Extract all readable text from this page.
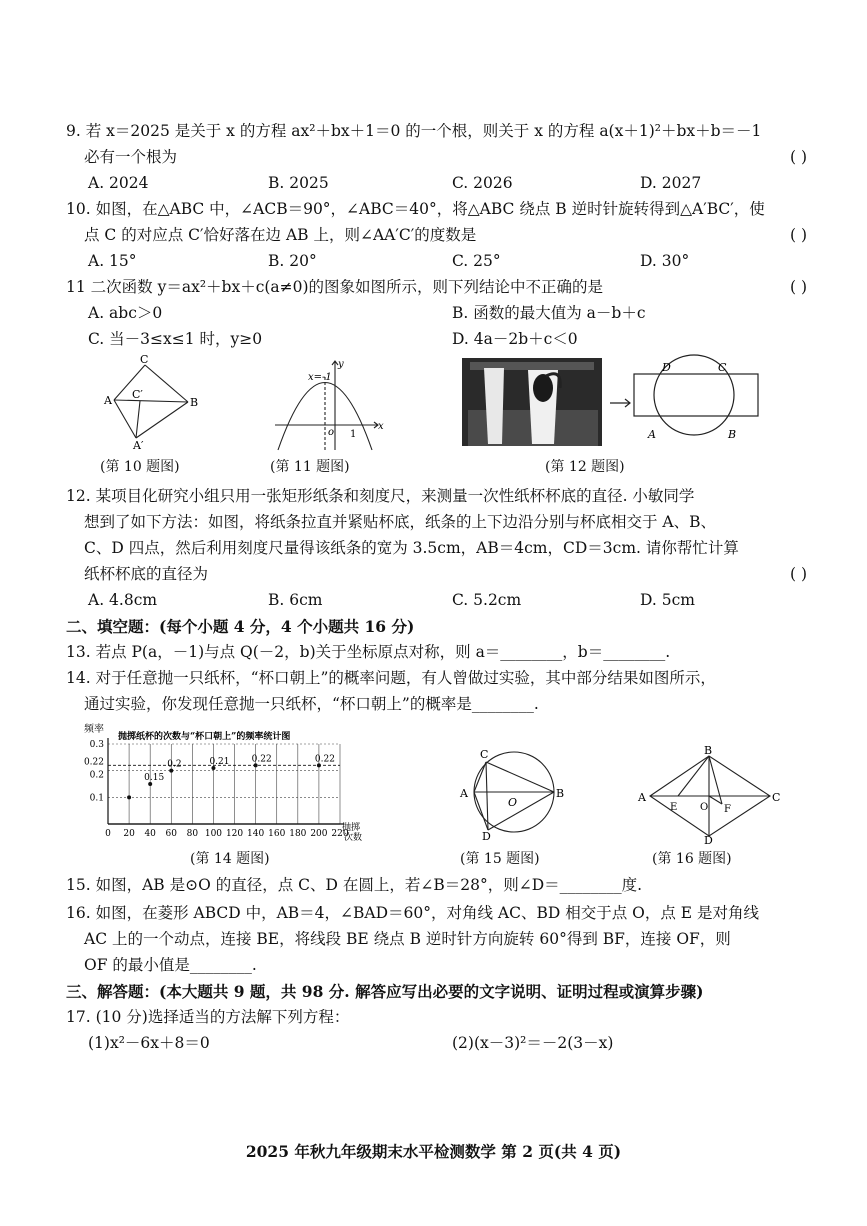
9. 若 x＝2025 是关于 x 的方程 ax²＋bx＋1＝0 的一个根，则关于 x 的方程 a(x＋1)²＋bx＋b＝－1
必有一个根为	( )
A. 2024	B. 2025	C. 2026	D. 2027
10. 如图，在△ABC 中，∠ACB＝90°，∠ABC＝40°，将△ABC 绕点 B 逆时针旋转得到△A′BC′，使
点 C 的对应点 C′恰好落在边 AB 上，则∠AA′C′的度数是	( )
A. 15°	B. 20°	C. 25°	D. 30°
11 二次函数 y＝ax²＋bx＋c(a≠0)的图象如图所示，则下列结论中不正确的是	( )
A. abc＞0	B. 函数的最大值为 a－b＋c
C. 当－3≤x≤1 时，y≥0	D. 4a－2b＋c＜0
C
A C′
B
A′
(第 10 题图)
y
x=-1
x
o 1
(第 11 题图)
D	C
A	B
(第 12 题图)
12. 某项目化研究小组只用一张矩形纸条和刻度尺，来测量一次性纸杯杯底的直径. 小敏同学
想到了如下方法：如图，将纸条拉直并紧贴杯底，纸条的上下边沿分别与杯底相交于 A、B、
C、D 四点，然后利用刻度尺量得该纸条的宽为 3.5cm，AB＝4cm，CD＝3cm. 请你帮忙计算
纸杯杯底的直径为	( )
A. 4.8cm	B. 6cm	C. 5.2cm	D. 5cm
二、填空题：(每个小题 4 分，4 个小题共 16 分)
13. 若点 P(a，－1)与点 Q(－2，b)关于坐标原点对称，则 a＝________，b＝________.
14. 对于任意抛一只纸杯，“杯口朝上”的概率问题，有人曾做过实验，其中部分结果如图所示，
通过实验，你发现任意抛一只纸杯，“杯口朝上”的概率是________.
频率
抛掷纸杯的次数与“杯口朝上”的频率统计图
抛掷
次数
0 20 40 60 80 100 120 140 160 180 200 220
0.3
0.22
0.2
0.1
0.15
0.2	0.21 0.22	0.22
(第 14 题图)
C
A
O
B
D
(第 15 题图)
B
A
E O F
C
D
(第 16 题图)
15. 如图，AB 是⊙O 的直径，点 C、D 在圆上，若∠B＝28°，则∠D＝________度.
16. 如图，在菱形 ABCD 中，AB＝4，∠BAD＝60°，对角线 AC、BD 相交于点 O，点 E 是对角线
AC 上的一个动点，连接 BE，将线段 BE 绕点 B 逆时针方向旋转 60°得到 BF，连接 OF，则
OF 的最小值是________.
三、解答题：(本大题共 9 题，共 98 分. 解答应写出必要的文字说明、证明过程或演算步骤)
17. (10 分)选择适当的方法解下列方程：
(1)x²－6x＋8＝0	(2)(x－3)²＝－2(3－x)
2025 年秋九年级期末水平检测数学 第 2 页(共 4 页)
